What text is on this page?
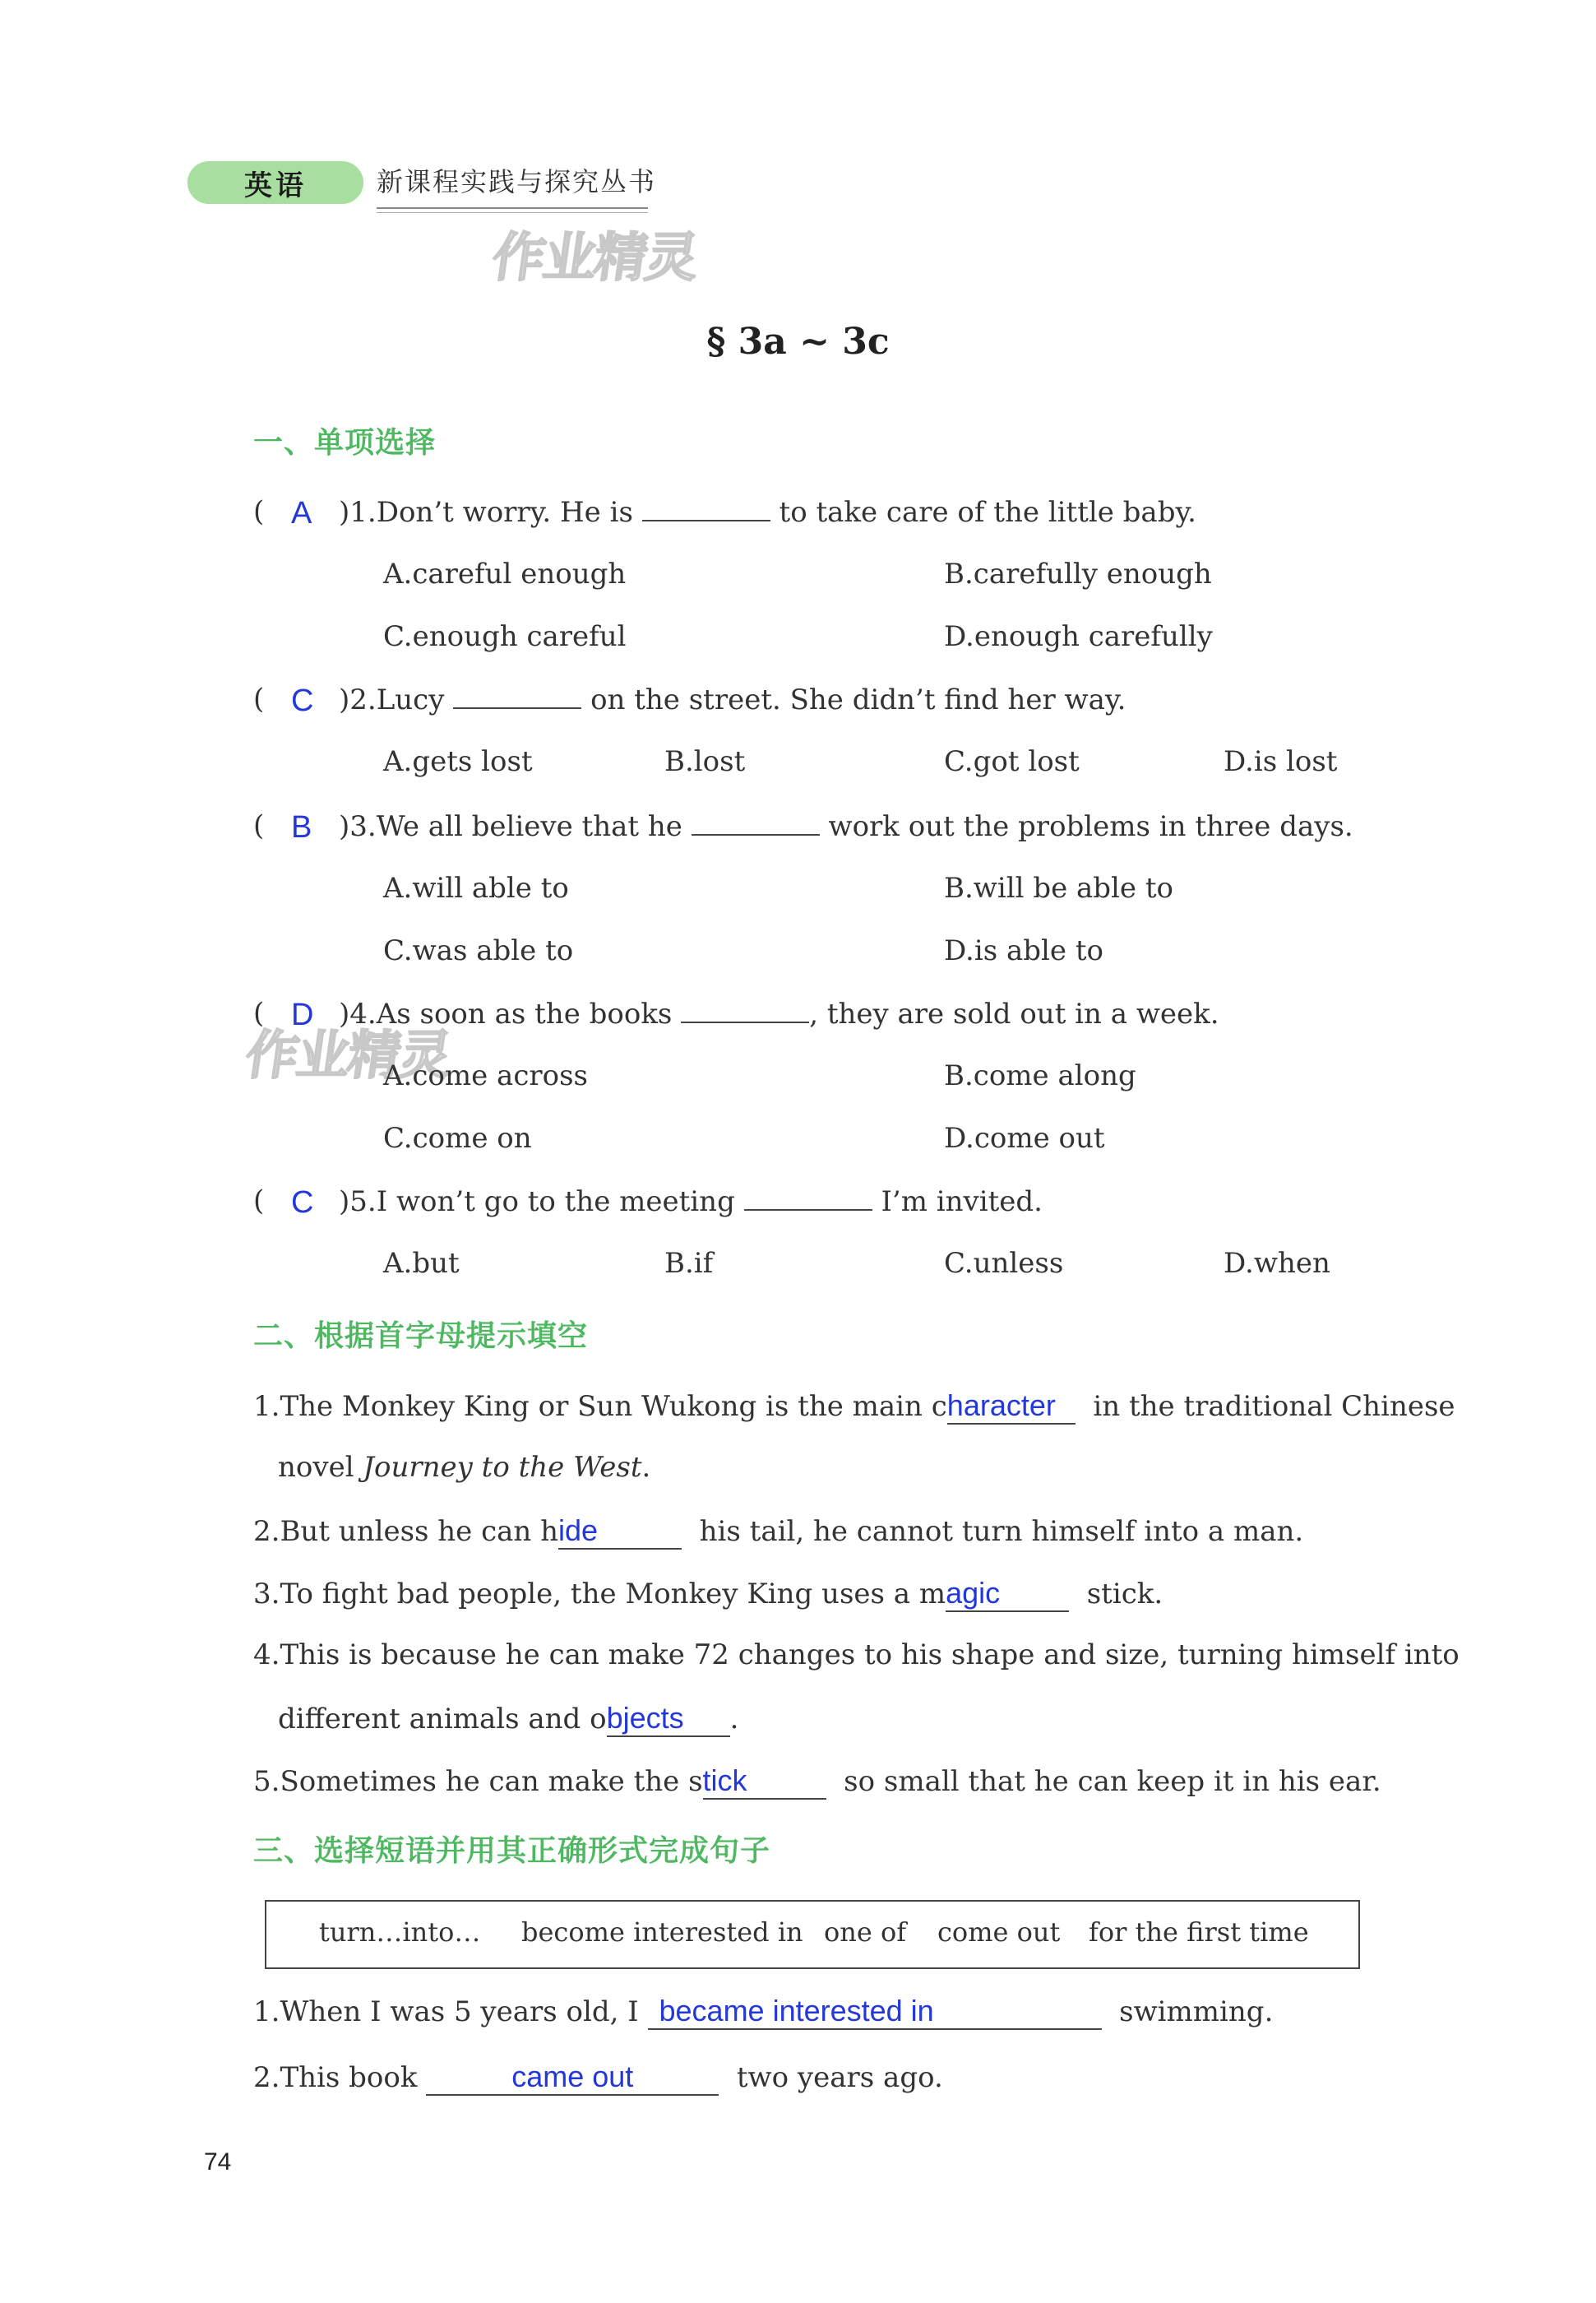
英语	新课程实践与探究丛书
作业精灵
§ 3a ~ 3c
一、单项选择
( A )1.Don’t worry. He is	to take care of the little baby.
A.careful enough	B.carefully enough
C.enough careful	D.enough carefully
( C )2.Lucy	on the street. She didn’t find her way.
A.gets lost	B.lost	C.got lost	D.is lost
( B )3.We all believe that he	work out the problems in three days.
A.will able to	B.will be able to
C.was able to	D.is able to
( D )4.As soon as the books	, they are sold out in a week.
作业精灵
A.come across	B.come along
C.come on	D.come out
( C )5.I won’t go to the meeting	I’m invited.
A.but	B.if	C.unless	D.when
二、根据首字母提示填空
1.The Monkey King or Sun Wukong is the main character in the traditional Chinese
novel Journey to the West.
2.But unless he can hide	his tail, he cannot turn himself into a man.
3.To fight bad people, the Monkey King uses a magic	stick.
4.This is because he can make 72 changes to his shape and size, turning himself into
different animals and objects .
5.Sometimes he can make the stick	so small that he can keep it in his ear.
三、选择短语并用其正确形式完成句子
turn…into… become interested in one of come out for the first time
1.When I was 5 years old, I became interested in	swimming.
2.This book	came out	two years ago.
74
